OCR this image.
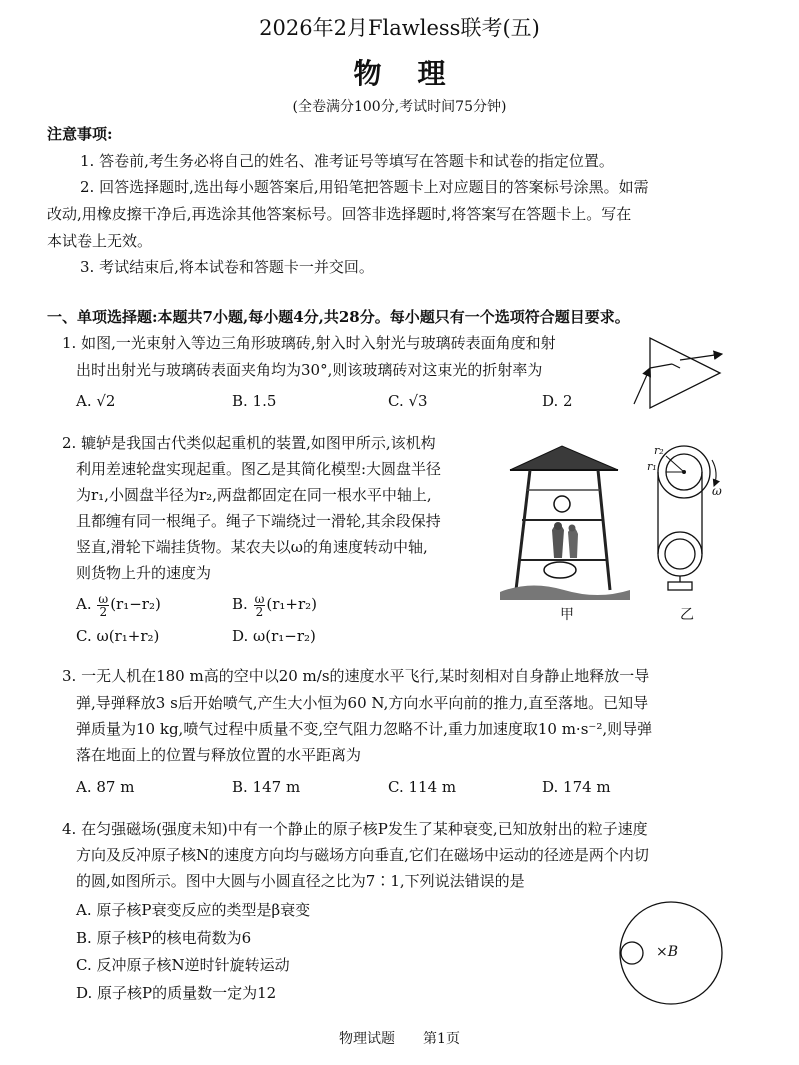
2026年2月Flawless联考(五)
物理
(全卷满分100分,考试时间75分钟)
注意事项:
1. 答卷前,考生务必将自己的姓名、准考证号等填写在答题卡和试卷的指定位置。
2. 回答选择题时,选出每小题答案后,用铅笔把答题卡上对应题目的答案标号涂黑。如需
改动,用橡皮擦干净后,再选涂其他答案标号。回答非选择题时,将答案写在答题卡上。写在
本试卷上无效。
3. 考试结束后,将本试卷和答题卡一并交回。
一、单项选择题:本题共7小题,每小题4分,共28分。每小题只有一个选项符合题目要求。
1. 如图,一光束射入等边三角形玻璃砖,射入时入射光与玻璃砖表面角度和射
出时出射光与玻璃砖表面夹角均为30°,则该玻璃砖对这束光的折射率为
A. √2	B. 1.5	C. √3	D. 2
2. 辘轳是我国古代类似起重机的装置,如图甲所示,该机构
利用差速轮盘实现起重。图乙是其简化模型:大圆盘半径
为r₁,小圆盘半径为r₂,两盘都固定在同一根水平中轴上,
且都缠有同一根绳子。绳子下端绕过一滑轮,其余段保持
竖直,滑轮下端挂货物。某农夫以ω的角速度转动中轴,
则货物上升的速度为
A. $\frac{\omega}{2} (r_1-r_2)$	B. $\frac{\omega}{2} (r_1+r_2)$
C. ω(r₁+r₂)	D. ω(r₁−r₂)
甲
r₂
r₁
ω
乙
3. 一无人机在180 m高的空中以20 m/s的速度水平飞行,某时刻相对自身静止地释放一导
弹,导弹释放3 s后开始喷气,产生大小恒为60 N,方向水平向前的推力,直至落地。已知导
弹质量为10 kg,喷气过程中质量不变,空气阻力忽略不计,重力加速度取10 m·s⁻²,则导弹
落在地面上的位置与释放位置的水平距离为
A. 87 m	B. 147 m	C. 114 m	D. 174 m
4. 在匀强磁场(强度未知)中有一个静止的原子核P发生了某种衰变,已知放射出的粒子速度
方向及反冲原子核N的速度方向均与磁场方向垂直,它们在磁场中运动的径迹是两个内切
的圆,如图所示。图中大圆与小圆直径之比为7∶1,下列说法错误的是
A. 原子核P衰变反应的类型是β衰变
B. 原子核P的核电荷数为6
C. 反冲原子核N逆时针旋转运动
D. 原子核P的质量数一定为12
×B
物理试题 第1页
